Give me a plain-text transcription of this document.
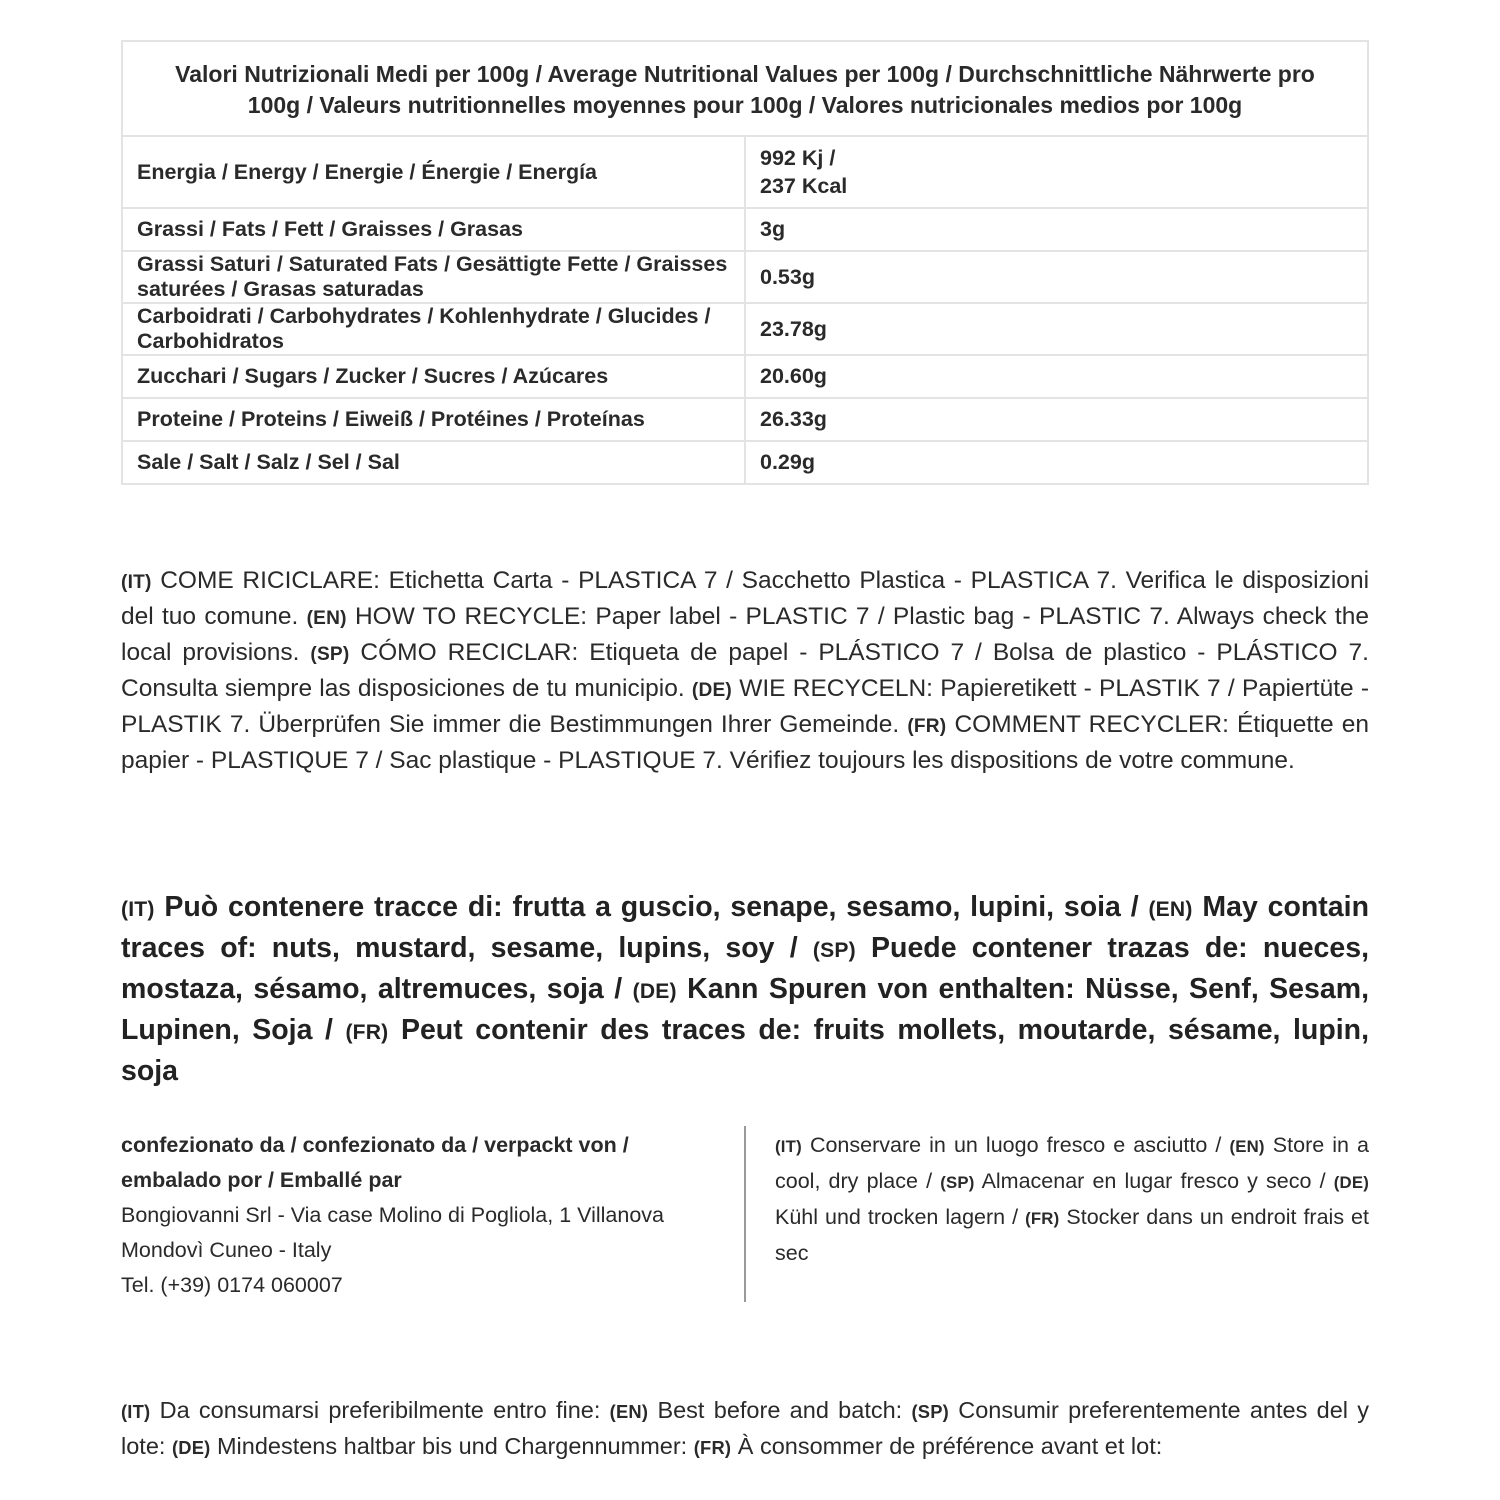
Valori Nutrizionali Medi per 100g / Average Nutritional Values per 100g / Durchschnittliche Nährwerte pro 100g / Valeurs nutritionnelles moyennes pour 100g / Valores nutricionales medios por 100g	
Energia / Energy / Energie / Énergie / Energía	992 Kj /
237 Kcal
Grassi / Fats / Fett / Graisses / Grasas	3g
Grassi Saturi / Saturated Fats / Gesättigte Fette / Graisses saturées / Grasas saturadas	0.53g
Carboidrati / Carbohydrates / Kohlenhydrate / Glucides / Carbohidratos	23.78g
Zucchari / Sugars / Zucker / Sucres / Azúcares	20.60g
Proteine / Proteins / Eiweiß / Protéines / Proteínas	26.33g
Sale / Salt / Salz / Sel / Sal	0.29g
(IT) COME RICICLARE: Etichetta Carta - PLASTICA 7 / Sacchetto Plastica - PLASTICA 7. Verifica le disposizioni del tuo comune. (EN) HOW TO RECYCLE: Paper label - PLASTIC 7 / Plastic bag - PLASTIC 7. Always check the local provisions. (SP) CÓMO RECICLAR: Etiqueta de papel - PLÁSTICO 7 / Bolsa de plastico - PLÁSTICO 7. Consulta siempre las disposiciones de tu municipio. (DE) WIE RECYCELN: Papieretikett - PLASTIK 7 / Papiertüte - PLASTIK 7. Überprüfen Sie immer die Bestimmungen Ihrer Gemeinde. (FR) COMMENT RECYCLER: Étiquette en papier - PLASTIQUE 7 / Sac plastique - PLASTIQUE 7. Vérifiez toujours les dispositions de votre commune.
(IT) Può contenere tracce di: frutta a guscio, senape, sesamo, lupini, soia / (EN) May contain traces of: nuts, mustard, sesame, lupins, soy / (SP) Puede contener trazas de: nueces, mostaza, sésamo, altremuces, soja / (DE) Kann Spuren von enthalten: Nüsse, Senf, Sesam, Lupinen, Soja / (FR) Peut contenir des traces de: fruits mollets, moutarde, sésame, lupin, soja
confezionato da / confezionato da / verpackt von / embalado por / Emballé par
Bongiovanni Srl - Via case Molino di Pogliola, 1 Villanova Mondovì Cuneo - Italy
Tel. (+39) 0174 060007
(IT) Conservare in un luogo fresco e asciutto / (EN) Store in a cool, dry place / (SP) Almacenar en lugar fresco y seco / (DE) Kühl und trocken lagern / (FR) Stocker dans un endroit frais et sec
(IT) Da consumarsi preferibilmente entro fine: (EN) Best before and batch: (SP) Consumir preferentemente antes del y lote: (DE) Mindestens haltbar bis und Chargennummer: (FR) À consommer de préférence avant et lot:
